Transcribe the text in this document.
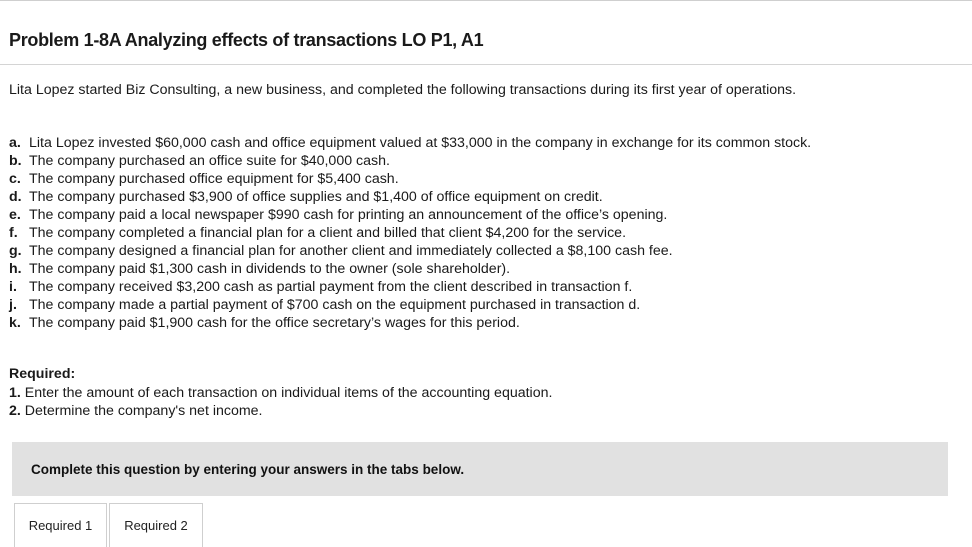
Problem 1-8A Analyzing effects of transactions LO P1, A1
Lita Lopez started Biz Consulting, a new business, and completed the following transactions during its first year of operations.
a. Lita Lopez invested $60,000 cash and office equipment valued at $33,000 in the company in exchange for its common stock.
b. The company purchased an office suite for $40,000 cash.
c. The company purchased office equipment for $5,400 cash.
d. The company purchased $3,900 of office supplies and $1,400 of office equipment on credit.
e. The company paid a local newspaper $990 cash for printing an announcement of the office’s opening.
f. The company completed a financial plan for a client and billed that client $4,200 for the service.
g. The company designed a financial plan for another client and immediately collected a $8,100 cash fee.
h. The company paid $1,300 cash in dividends to the owner (sole shareholder).
i. The company received $3,200 cash as partial payment from the client described in transaction f.
j. The company made a partial payment of $700 cash on the equipment purchased in transaction d.
k. The company paid $1,900 cash for the office secretary’s wages for this period.
Required:
1. Enter the amount of each transaction on individual items of the accounting equation.
2. Determine the company's net income.
Complete this question by entering your answers in the tabs below.
Required 1	Required 2
